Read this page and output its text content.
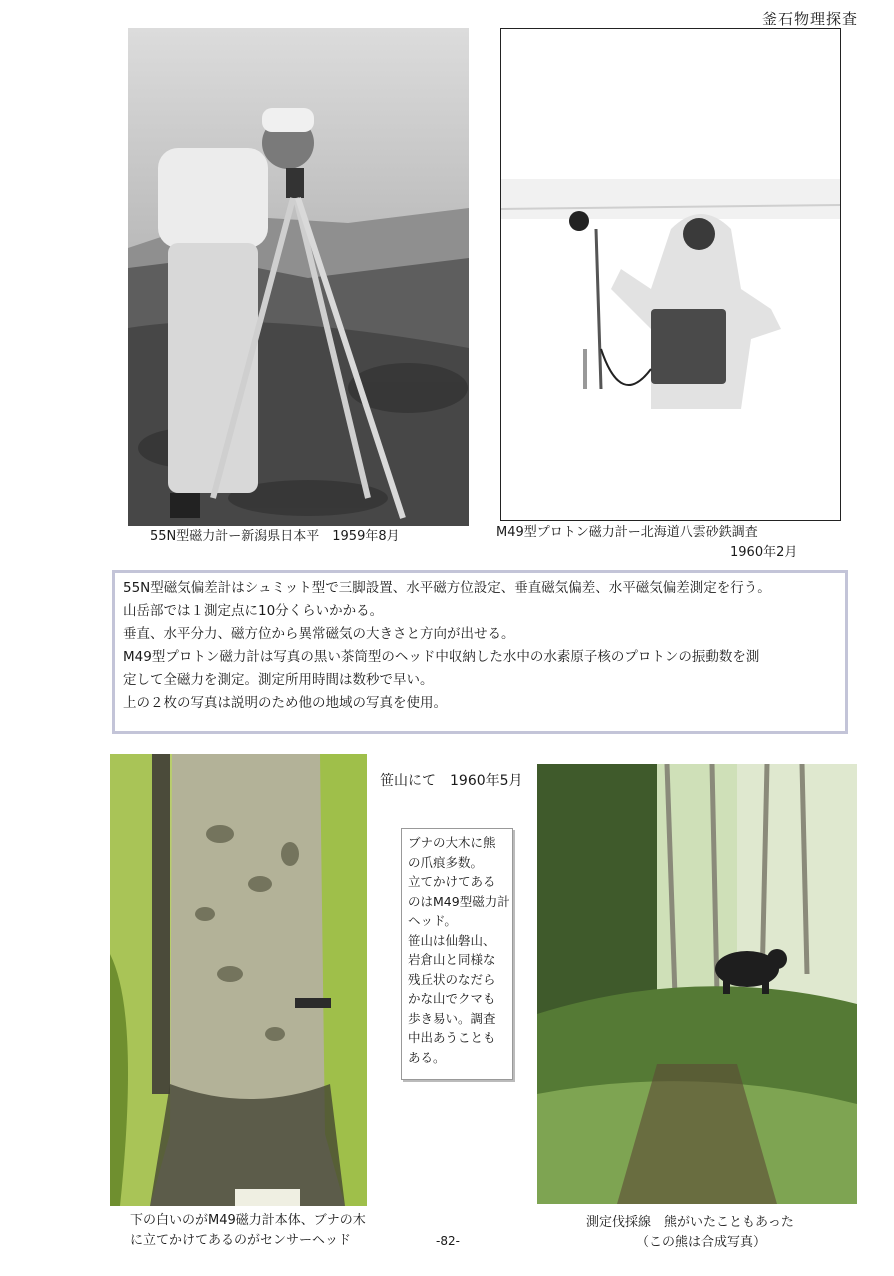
釜石物理探査
55N型磁力計ー新潟県日本平　1959年8月	M49型プロトン磁力計ー北海道八雲砂鉄調査
1960年2月

55N型磁気偏差計はシュミット型で三脚設置、水平磁方位設定、垂直磁気偏差、水平磁気偏差測定を行う。

山岳部では１測定点に10分くらいかかる。

垂直、水平分力、磁方位から異常磁気の大きさと方向が出せる。

M49型プロトン磁力計は写真の黒い茶筒型のヘッド中収納した水中の水素原子核のプロトンの振動数を測

定して全磁力を測定。測定所用時間は数秒で早い。

上の２枚の写真は説明のため他の地域の写真を使用。

笹山にて　1960年5月
ブナの大木に熊
の爪痕多数。
立てかけてある
のはM49型磁力計
ヘッド。
笹山は仙磐山、
岩倉山と同様な
残丘状のなだら
かな山でクマも
歩き易い。調査
中出あうことも
ある。
下の白いのがM49磁力計本体、ブナの木
に立てかけてあるのがセンサーヘッド	-82-
測定伐採線　熊がいたこともあった
（この熊は合成写真）
